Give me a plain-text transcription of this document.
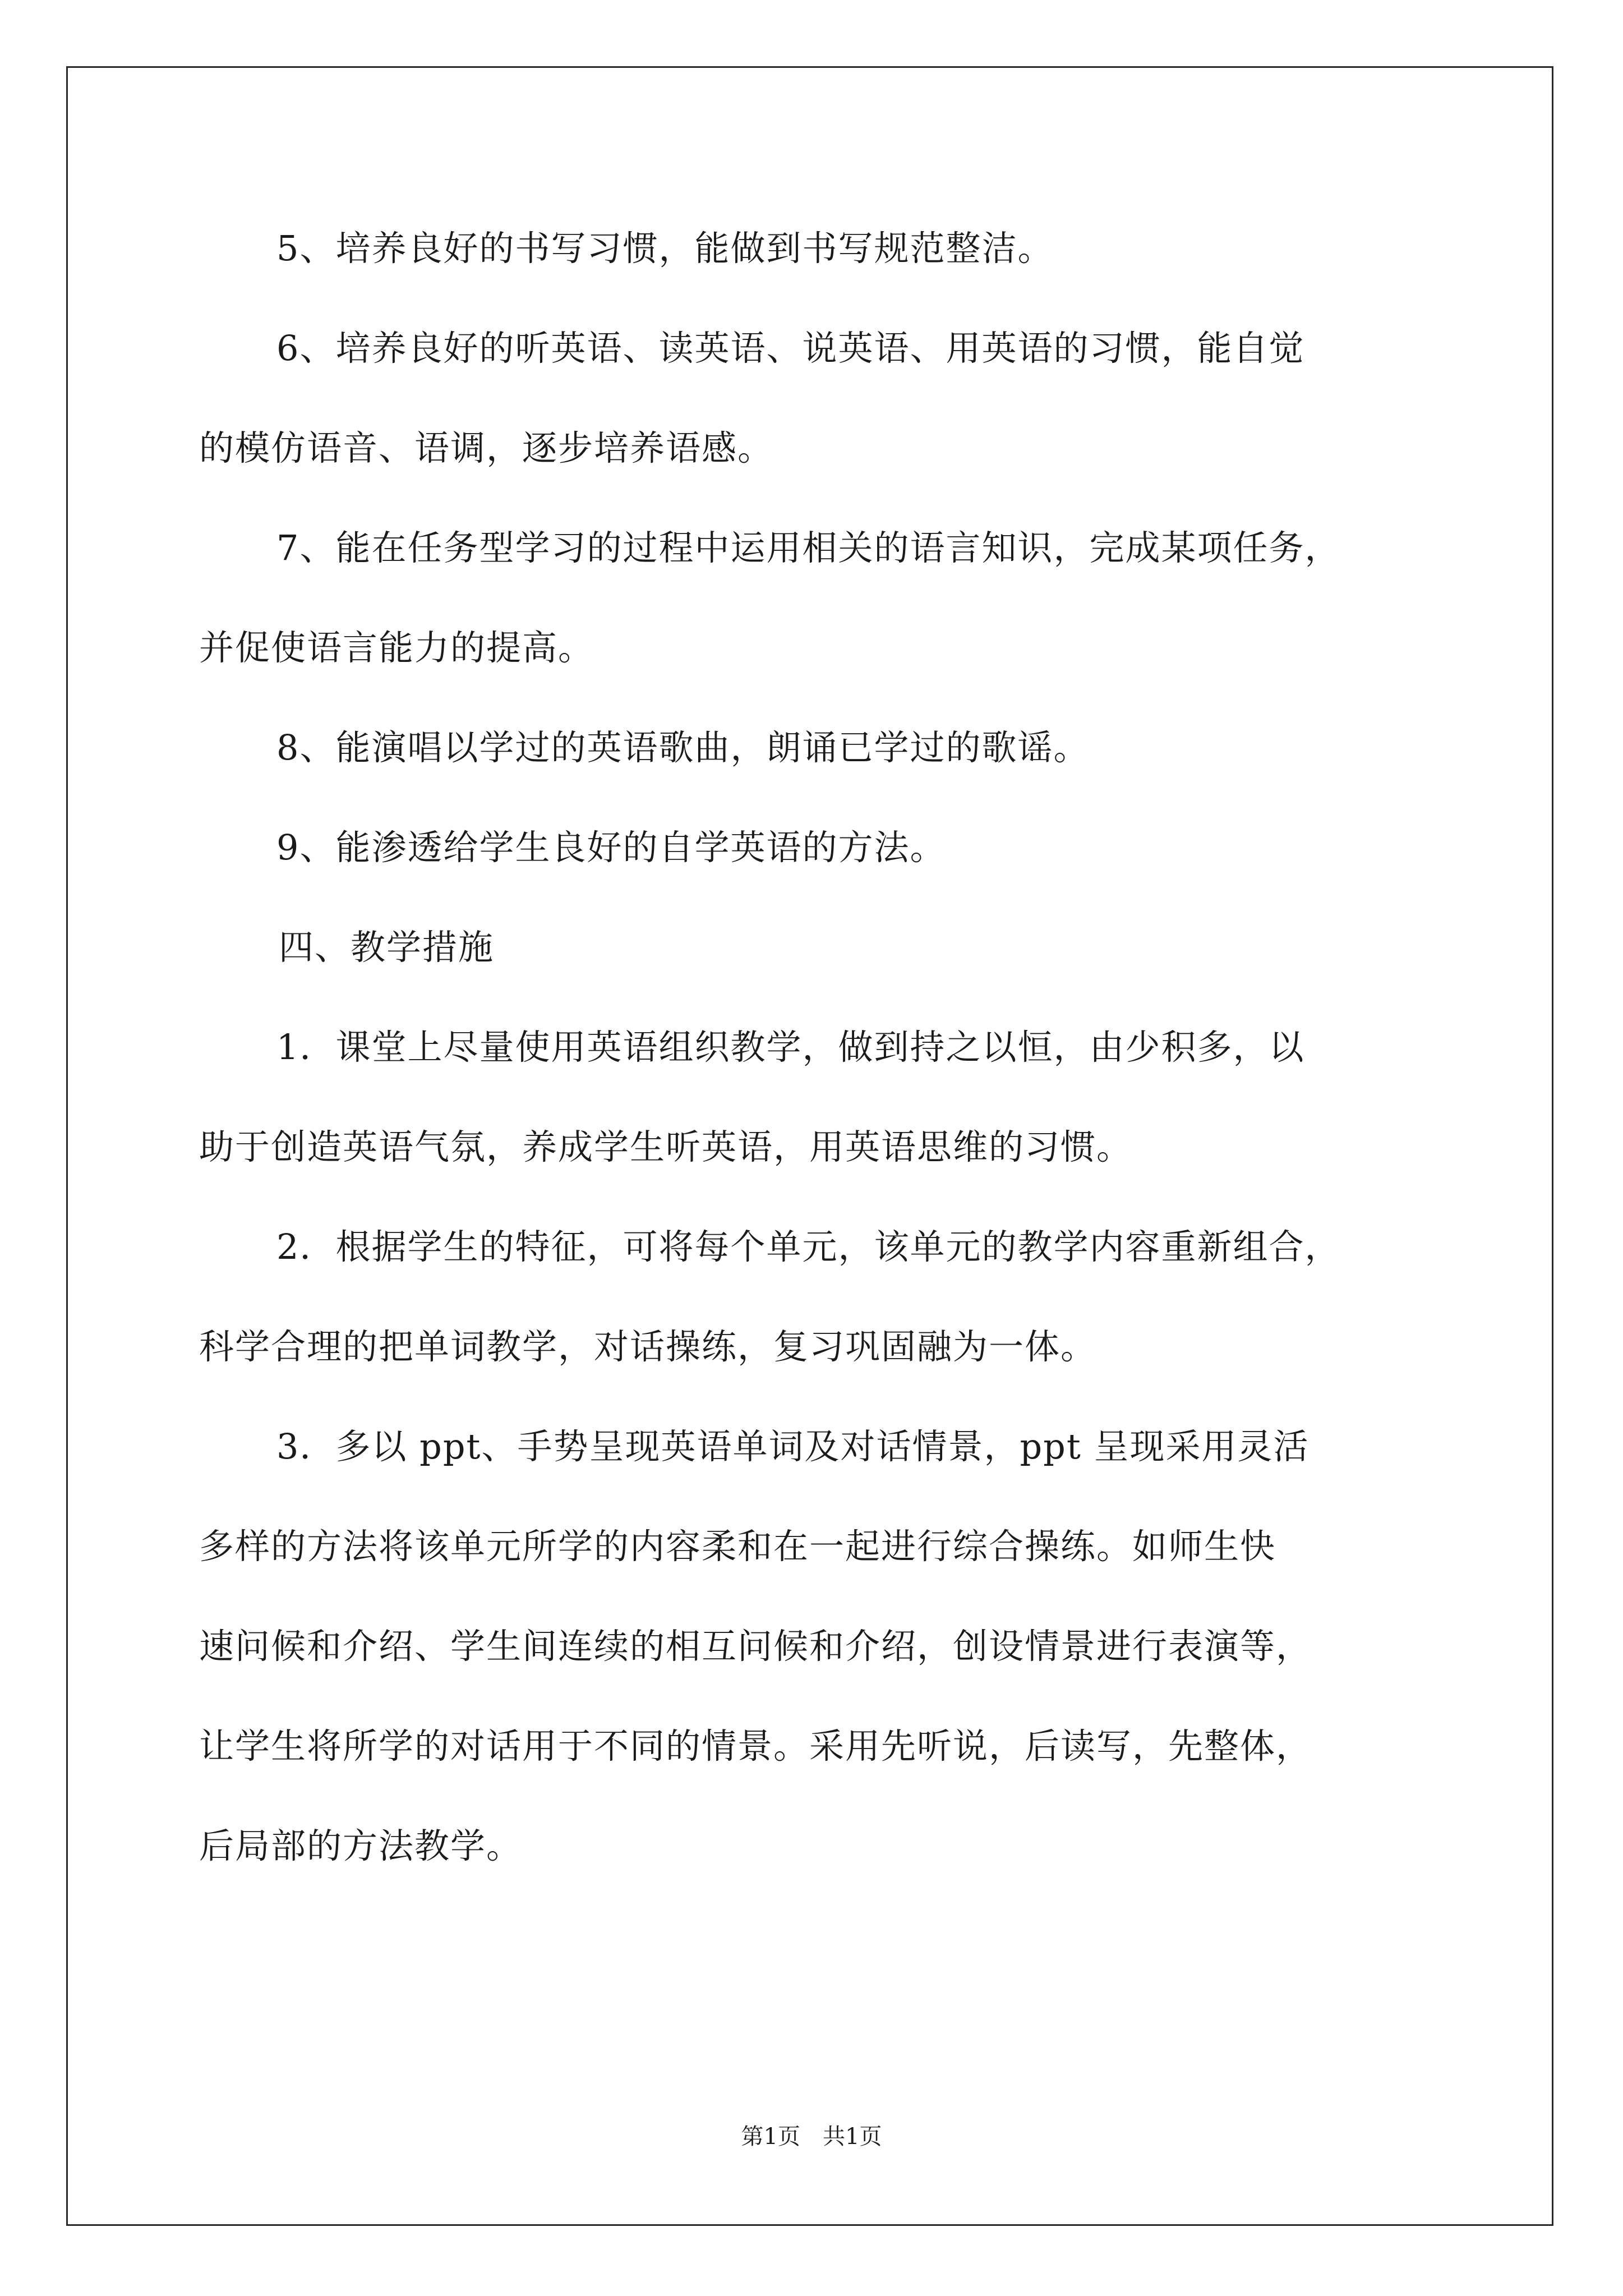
5、培养良好的书写习惯，能做到书写规范整洁。
6、培养良好的听英语、读英语、说英语、用英语的习惯，能自觉
的模仿语音、语调，逐步培养语感。
7、能在任务型学习的过程中运用相关的语言知识，完成某项任务，
并促使语言能力的提高。
8、能演唱以学过的英语歌曲，朗诵已学过的歌谣。
9、能渗透给学生良好的自学英语的方法。
四、教学措施
1．课堂上尽量使用英语组织教学，做到持之以恒，由少积多，以
助于创造英语气氛，养成学生听英语，用英语思维的习惯。
2．根据学生的特征，可将每个单元，该单元的教学内容重新组合，
科学合理的把单词教学，对话操练，复习巩固融为一体。
3．多以 ppt、手势呈现英语单词及对话情景，ppt 呈现采用灵活
多样的方法将该单元所学的内容柔和在一起进行综合操练。如师生快
速问候和介绍、学生间连续的相互问候和介绍，创设情景进行表演等，
让学生将所学的对话用于不同的情景。采用先听说，后读写，先整体，
后局部的方法教学。
第1页　共1页
